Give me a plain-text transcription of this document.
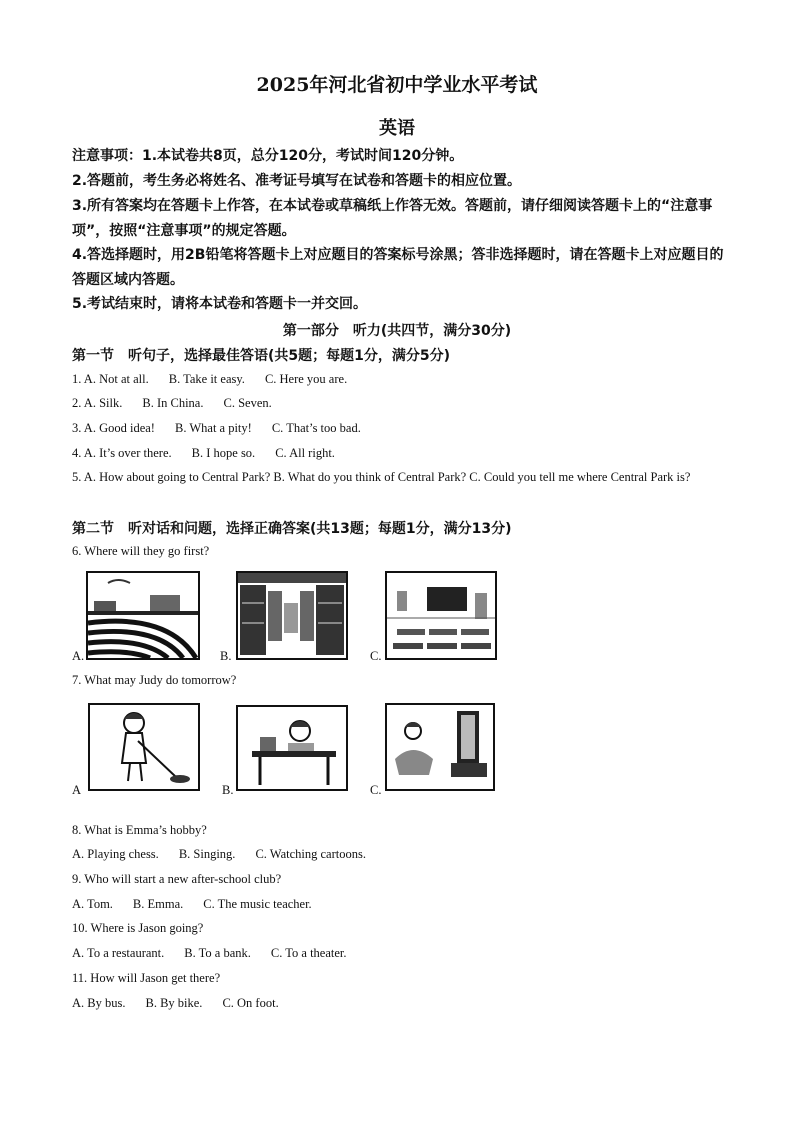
2025年河北省初中学业水平考试
英语
注意事项：1.本试卷共8页，总分120分，考试时间120分钟。
2.答题前，考生务必将姓名、准考证号填写在试卷和答题卡的相应位置。
3.所有答案均在答题卡上作答，在本试卷或草稿纸上作答无效。答题前，请仔细阅读答题卡上的“注意事项”，按照“注意事项”的规定答题。
4.答选择题时，用2B铅笔将答题卡上对应题目的答案标号涂黑；答非选择题时，请在答题卡上对应题目的答题区域内答题。
5.考试结束时，请将本试卷和答题卡一并交回。
第一部分　听力(共四节，满分30分)
第一节　听句子，选择最佳答语(共5题；每题1分，满分5分)
1. A. Not at all. B. Take it easy. C. Here you are.
2. A. Silk. B. In China. C. Seven.
3. A. Good idea! B. What a pity! C. That’s too bad.
4. A. It’s over there. B. I hope so. C. All right.
5. A. How about going to Central Park? B. What do you think of Central Park? C. Could you tell me where Central Park is?
第二节　听对话和问题，选择正确答案(共13题；每题1分，满分13分)
6. Where will they go first?
A.	B.	C.
7. What may Judy do tomorrow?
A	B.	C.
8. What is Emma’s hobby?
A. Playing chess. B. Singing. C. Watching cartoons.
9. Who will start a new after-school club?
A. Tom. B. Emma. C. The music teacher.
10. Where is Jason going?
A. To a restaurant. B. To a bank. C. To a theater.
11. How will Jason get there?
A. By bus. B. By bike. C. On foot.
